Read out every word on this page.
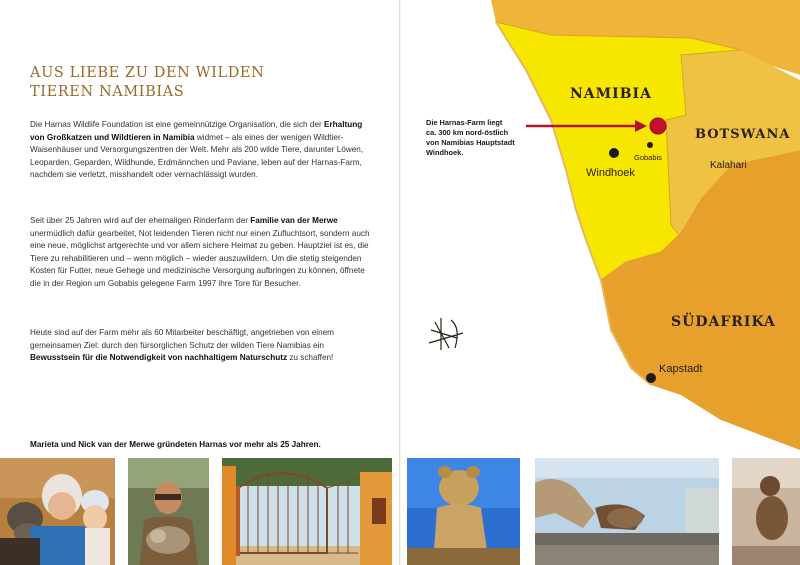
AUS LIEBE ZU DEN WILDEN
TIEREN NAMIBIAS

Die Harnas Wildlife Foundation ist eine gemeinnützige Organisation, die sich der Erhaltung von Großkatzen und Wildtieren in Namibia widmet – als eines der wenigen Wildtier-Waisenhäuser und Versorgungszentren der Welt. Mehr als 200 wilde Tiere, darunter Löwen, Leoparden, Geparden, Wildhunde, Erdmännchen und Paviane, leben auf der Harnas-Farm, nachdem sie verletzt, misshandelt oder vernachlässigt wurden.

Seit über 25 Jahren wird auf der ehemaligen Rinderfarm der Familie van der Merwe unermüdlich dafür gearbeitet, Not leidenden Tieren nicht nur einen Zufluchtsort, sondern auch eine neue, möglichst artgerechte und vor allem sichere Heimat zu geben. Hauptziel ist es, die Tiere zu rehabilitieren und – wenn möglich – wieder auszuwildern. Um die stetig steigenden Kosten für Futter, neue Gehege und medizinische Versorgung aufbringen zu können, öffnete die in der Region um Gobabis gelegene Farm 1997 ihre Tore für Besucher.

Heute sind auf der Farm mehr als 60 Mitarbeiter beschäftigt, angetrieben von einem gemeinsamen Ziel: durch den fürsorglichen Schutz der wilden Tiere Namibias ein Bewusstsein für die Notwendigkeit von nachhaltigem Naturschutz zu schaffen!

Marieta und Nick van der Merwe gründeten Harnas vor mehr als 25 Jahren.

NAMIBIA
BOTSWANA
SÜDAFRIKA
Windhoek
Gobabis
Kalahari
Kapstadt

Die Harnas-Farm liegt
ca. 300 km nord-östlich
von Namibias Hauptstadt
Windhoek.
